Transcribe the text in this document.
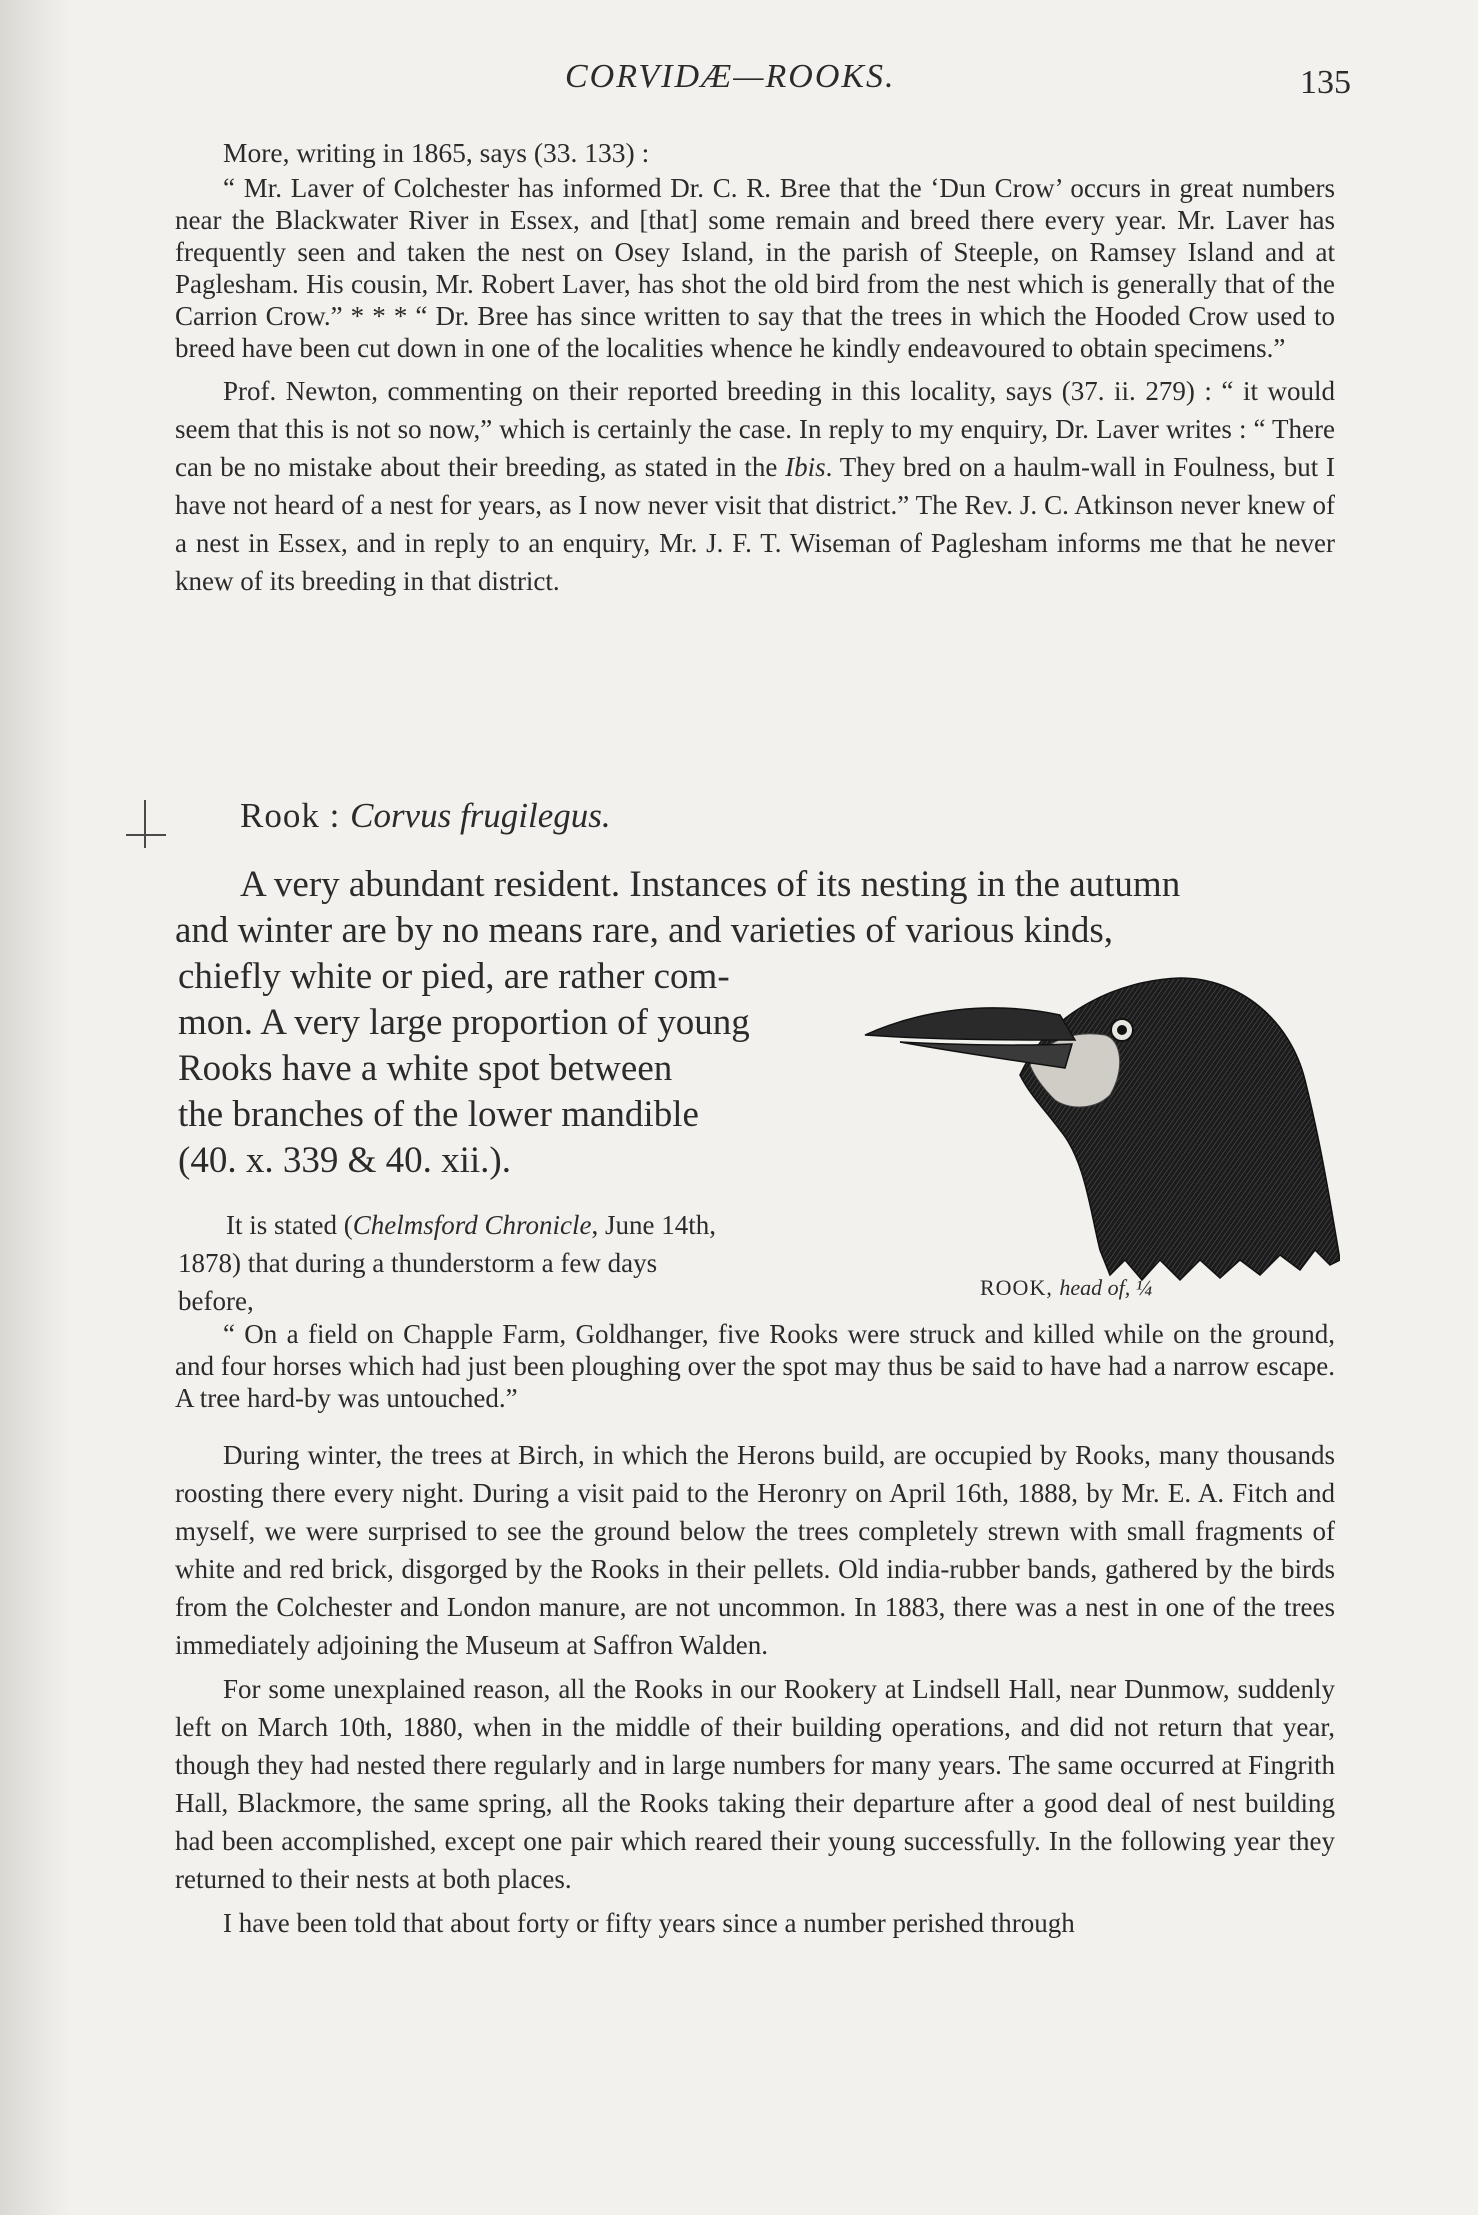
CORVIDÆ—ROOKS.	135

More, writing in 1865, says (33. 133) :

“ Mr. Laver of Colchester has informed Dr. C. R. Bree that the ‘Dun Crow’ occurs in great numbers near the Blackwater River in Essex, and [that] some remain and breed there every year. Mr. Laver has frequently seen and taken the nest on Osey Island, in the parish of Steeple, on Ramsey Island and at Paglesham. His cousin, Mr. Robert Laver, has shot the old bird from the nest which is generally that of the Carrion Crow.” * * * “ Dr. Bree has since written to say that the trees in which the Hooded Crow used to breed have been cut down in one of the localities whence he kindly endeavoured to obtain specimens.”

Prof. Newton, commenting on their reported breeding in this locality, says (37. ii. 279) : “ it would seem that this is not so now,” which is certainly the case. In reply to my enquiry, Dr. Laver writes : “ There can be no mistake about their breeding, as stated in the Ibis. They bred on a haulm-wall in Foulness, but I have not heard of a nest for years, as I now never visit that district.” The Rev. J. C. Atkinson never knew of a nest in Essex, and in reply to an enquiry, Mr. J. F. T. Wiseman of Paglesham informs me that he never knew of its breeding in that district.

Rook : Corvus frugilegus.

A very abundant resident. Instances of its nesting in the autumn

and winter are by no means rare, and varieties of various kinds,

chiefly white or pied, are rather com-

mon. A very large proportion of young

Rooks have a white spot between

the branches of the lower mandible

(40. x. 339 & 40. xii.).

It is stated (Chelmsford Chronicle, June 14th,

1878) that during a thunderstorm a few days

before,	ROOK, head of, ¼

“ On a field on Chapple Farm, Goldhanger, five Rooks were struck and killed while on the ground, and four horses which had just been ploughing over the spot may thus be said to have had a narrow escape. A tree hard-by was untouched.”

During winter, the trees at Birch, in which the Herons build, are occupied by Rooks, many thousands roosting there every night. During a visit paid to the Heronry on April 16th, 1888, by Mr. E. A. Fitch and myself, we were surprised to see the ground below the trees completely strewn with small fragments of white and red brick, disgorged by the Rooks in their pellets. Old india-rubber bands, gathered by the birds from the Colchester and London manure, are not uncommon. In 1883, there was a nest in one of the trees immediately adjoining the Museum at Saffron Walden.

For some unexplained reason, all the Rooks in our Rookery at Lindsell Hall, near Dunmow, suddenly left on March 10th, 1880, when in the middle of their building operations, and did not return that year, though they had nested there regularly and in large numbers for many years. The same occurred at Fingrith Hall, Blackmore, the same spring, all the Rooks taking their departure after a good deal of nest building had been accomplished, except one pair which reared their young successfully. In the following year they returned to their nests at both places.

I have been told that about forty or fifty years since a number perished through
